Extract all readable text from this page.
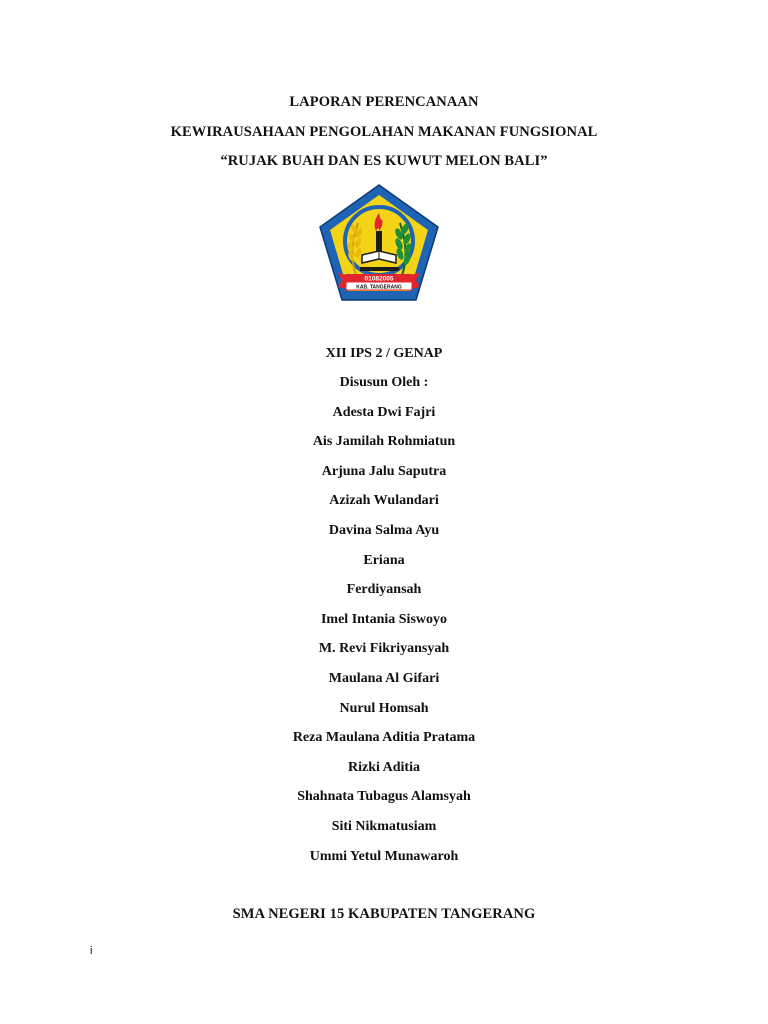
LAPORAN PERENCANAAN
KEWIRAUSAHAAN PENGOLAHAN MAKANAN FUNGSIONAL
“RUJAK BUAH DAN ES KUWUT MELON BALI”
01082005
KAB. TANGERANG
XII IPS 2 / GENAP
Disusun Oleh :
Adesta Dwi Fajri
Ais Jamilah Rohmiatun
Arjuna Jalu Saputra
Azizah Wulandari
Davina Salma Ayu
Eriana
Ferdiyansah
Imel Intania Siswoyo
M. Revi Fikriyansyah
Maulana Al Gifari
Nurul Homsah
Reza Maulana Aditia Pratama
Rizki Aditia
Shahnata Tubagus Alamsyah
Siti Nikmatusiam
Ummi Yetul Munawaroh
SMA NEGERI 15 KABUPATEN TANGERANG
i
